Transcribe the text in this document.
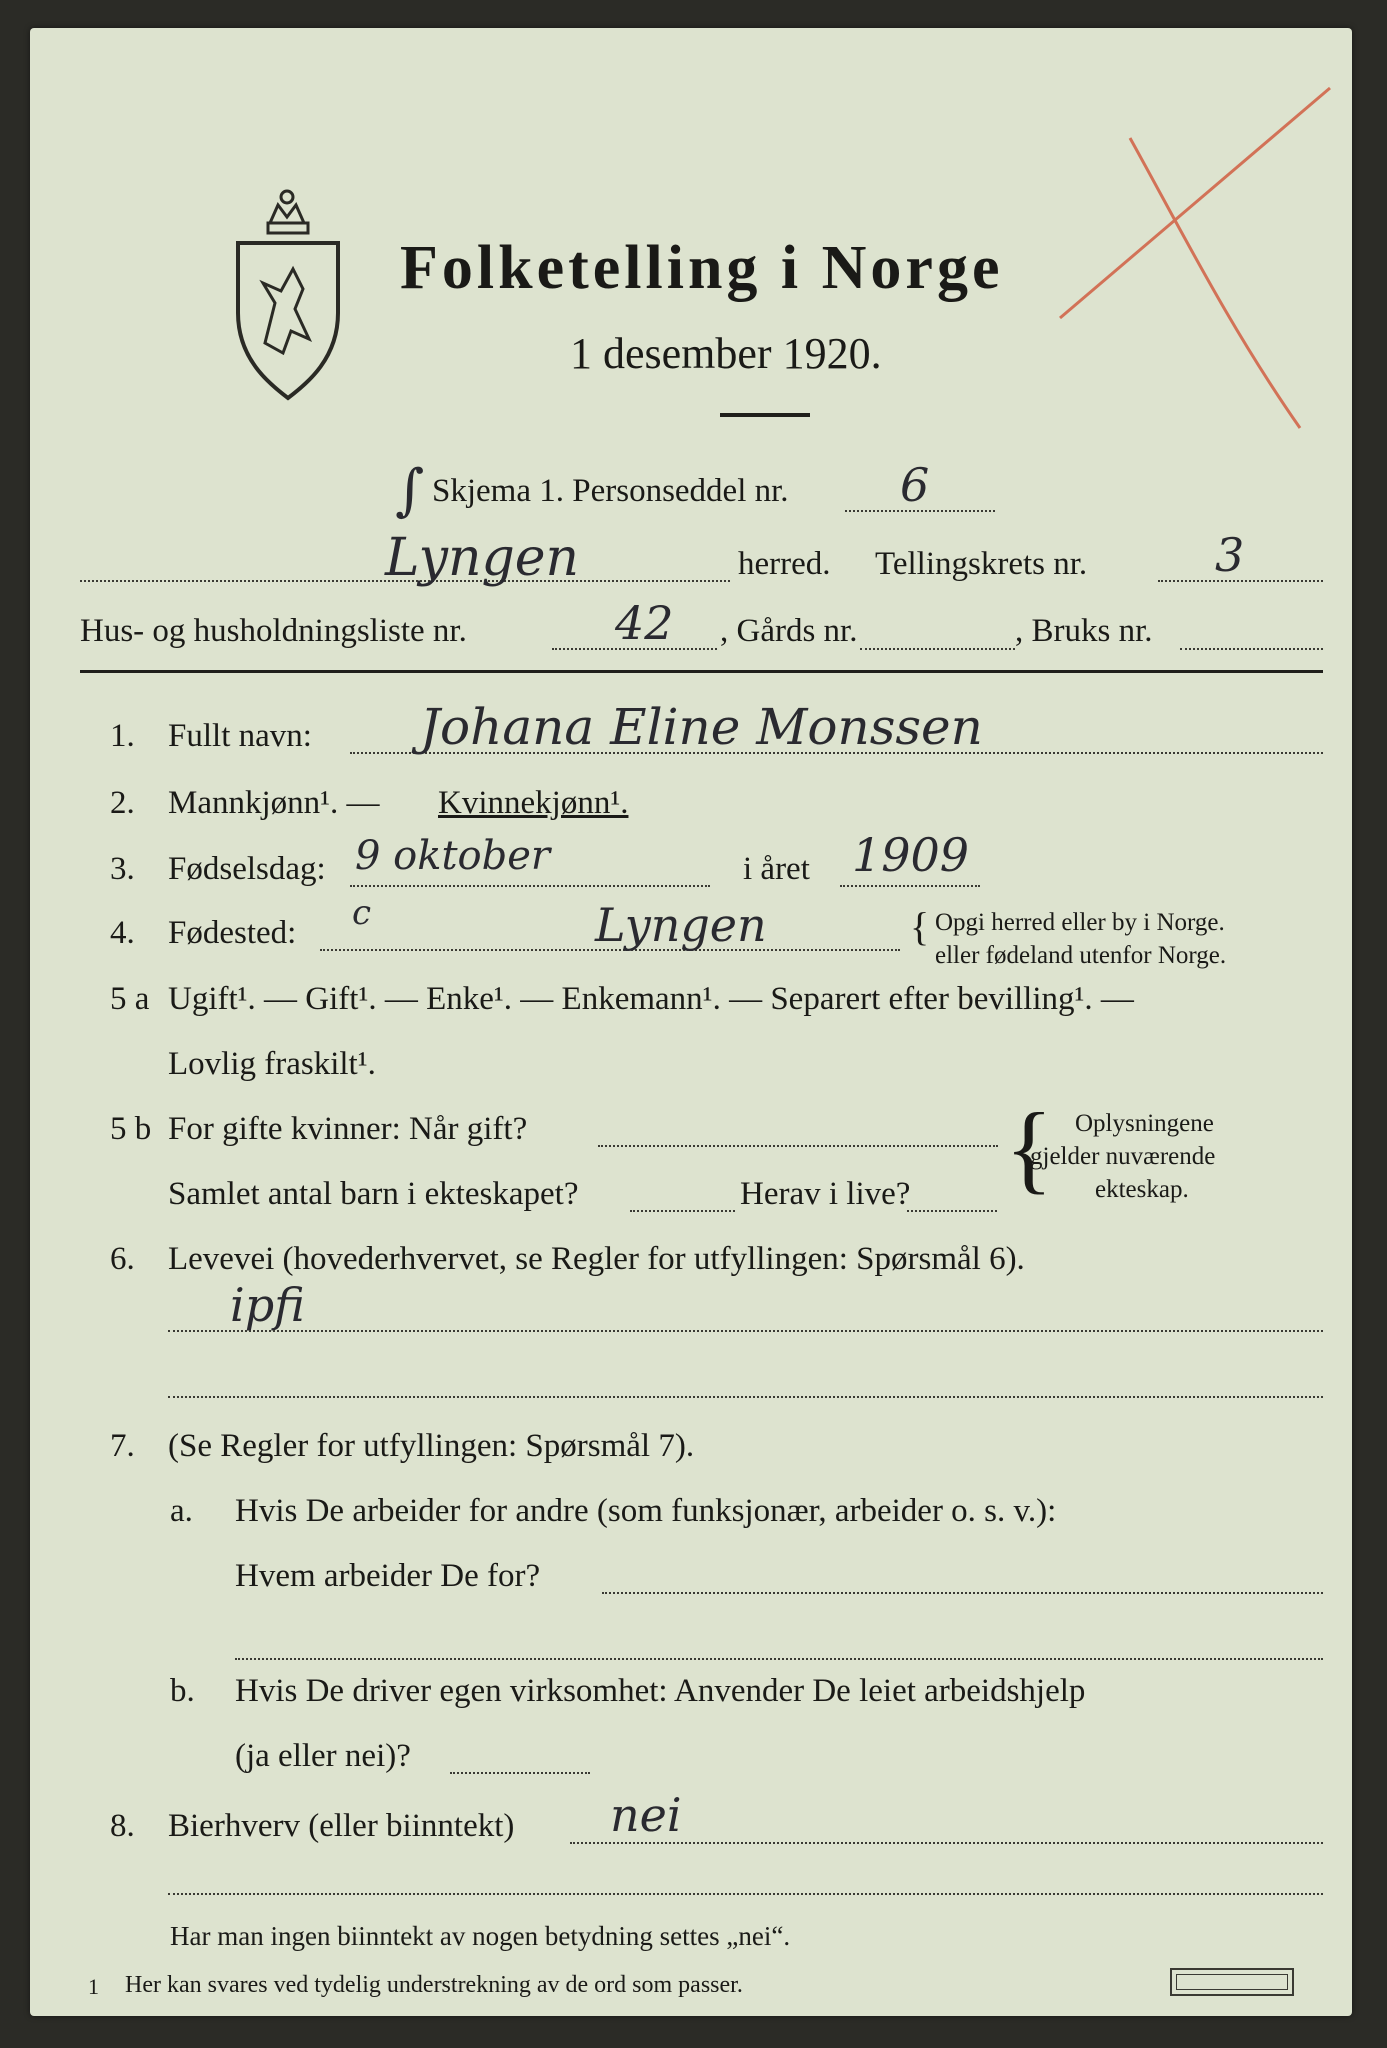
Folketelling i Norge
1 desember 1920.
∫ Skjema 1. Personseddel nr. 6
Lyngen	herred. Tellingskrets nr.	3
Hus- og husholdningsliste nr.	42 , Gårds nr.	, Bruks nr.
1. Fullt navn: Johana Eline Monssen
2. Mannkjønn¹. — Kvinnekjønn¹.
3. Fødselsdag: 9 oktober	i året 1909
4. Fødested: c	Lyngen	{ Opgi herred eller by i Norge.
eller fødeland utenfor Norge.
5 a Ugift¹. — Gift¹. — Enke¹. — Enkemann¹. — Separert efter bevilling¹. —
Lovlig fraskilt¹.
5 b For gifte kvinner: Når gift?
Samlet antal barn i ekteskapet?	Herav i live? { Oplysningene
gjelder nuværende
ekteskap.
6. Levevei (hovederhvervet, se Regler for utfyllingen: Spørsmål 6).
ipfi
7. (Se Regler for utfyllingen: Spørsmål 7).
a. Hvis De arbeider for andre (som funksjonær, arbeider o. s. v.):
Hvem arbeider De for?
b. Hvis De driver egen virksomhet: Anvender De leiet arbeidshjelp
(ja eller nei)?
8. Bierhverv (eller biinntekt) nei
Har man ingen biinntekt av nogen betydning settes „nei“.
1 Her kan svares ved tydelig understrekning av de ord som passer.
